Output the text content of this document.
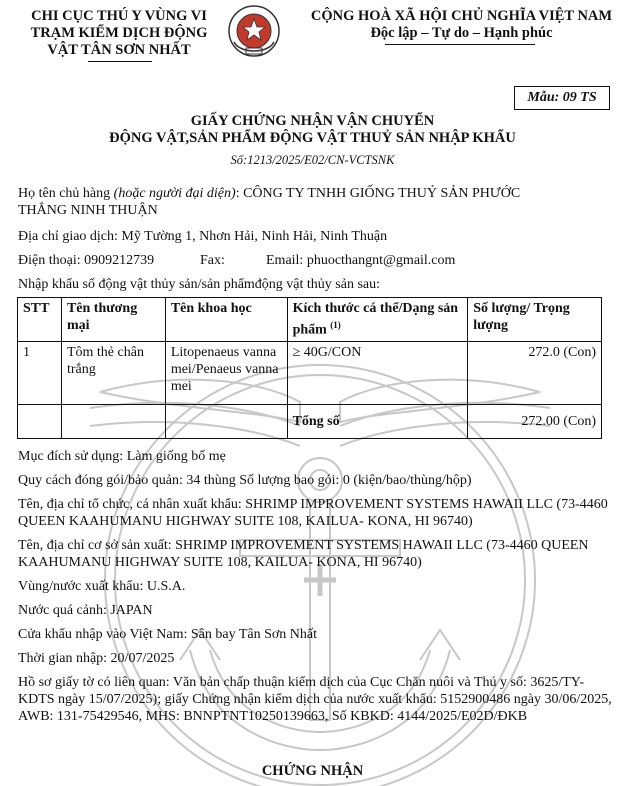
CHI CỤC THÚ Y VÙNG VI
TRẠM KIỂM DỊCH ĐỘNG
VẬT TÂN SƠN NHẤT
CỘNG HOÀ XÃ HỘI CHỦ NGHĨA VIỆT NAM
Độc lập – Tự do – Hạnh phúc
Mẫu: 09 TS
GIẤY CHỨNG NHẬN VẬN CHUYỂN
ĐỘNG VẬT,SẢN PHẨM ĐỘNG VẬT THUỶ SẢN NHẬP KHẨU
Số:1213/2025/E02/CN-VCTSNK
Họ tên chủ hàng (hoặc người đại diện): CÔNG TY TNHH GIỐNG THUỶ SẢN PHƯỚC
THẮNG NINH THUẬN
Địa chỉ giao dịch: Mỹ Tường 1, Nhơn Hải, Ninh Hải, Ninh Thuận
Điện thoại: 0909212739	Fax:	Email: phuocthangnt@gmail.com
Nhập khẩu số động vật thủy sản/sản phẩmđộng vật thủy sản sau:
STT	Tên thương mại	Tên khoa học	Kích thước cá thể/Dạng sản phẩm $^{(1)}$	Số lượng/ Trọng lượng
1	Tôm thẻ chân trắng	Litopenaeus vannamei/Penaeus vannamei	≥ 40G/CON	272.0 (Con)
			Tổng số	272.00 (Con)
Mục đích sử dụng: Làm giống bố mẹ
Quy cách đóng gói/bảo quản: 34 thùng Số lượng bao gói: 0 (kiện/bao/thùng/hộp)
Tên, địa chỉ tổ chức, cá nhân xuất khẩu: SHRIMP IMPROVEMENT SYSTEMS HAWAII LLC (73-4460 QUEEN KAAHUMANU HIGHWAY SUITE 108, KAILUA- KONA, HI 96740)
Tên, địa chỉ cơ sở sản xuất: SHRIMP IMPROVEMENT SYSTEMS HAWAII LLC (73-4460 QUEEN KAAHUMANU HIGHWAY SUITE 108, KAILUA- KONA, HI 96740)
Vùng/nước xuất khẩu: U.S.A.
Nước quá cảnh: JAPAN
Cửa khẩu nhập vào Việt Nam: Sân bay Tân Sơn Nhất
Thời gian nhập: 20/07/2025
Hồ sơ giấy tờ có liên quan: Văn bản chấp thuận kiểm dịch của Cục Chăn nuôi và Thú y số: 3625/TY-KDTS ngày 15/07/2025); giấy Chứng nhận kiểm dịch của nước xuất khẩu: 5152900486 ngày 30/06/2025, AWB: 131-75429546, MHS: BNNPTNT10250139663, Số KBKD: 4144/2025/E02D/ĐKB
CHỨNG NHẬN
